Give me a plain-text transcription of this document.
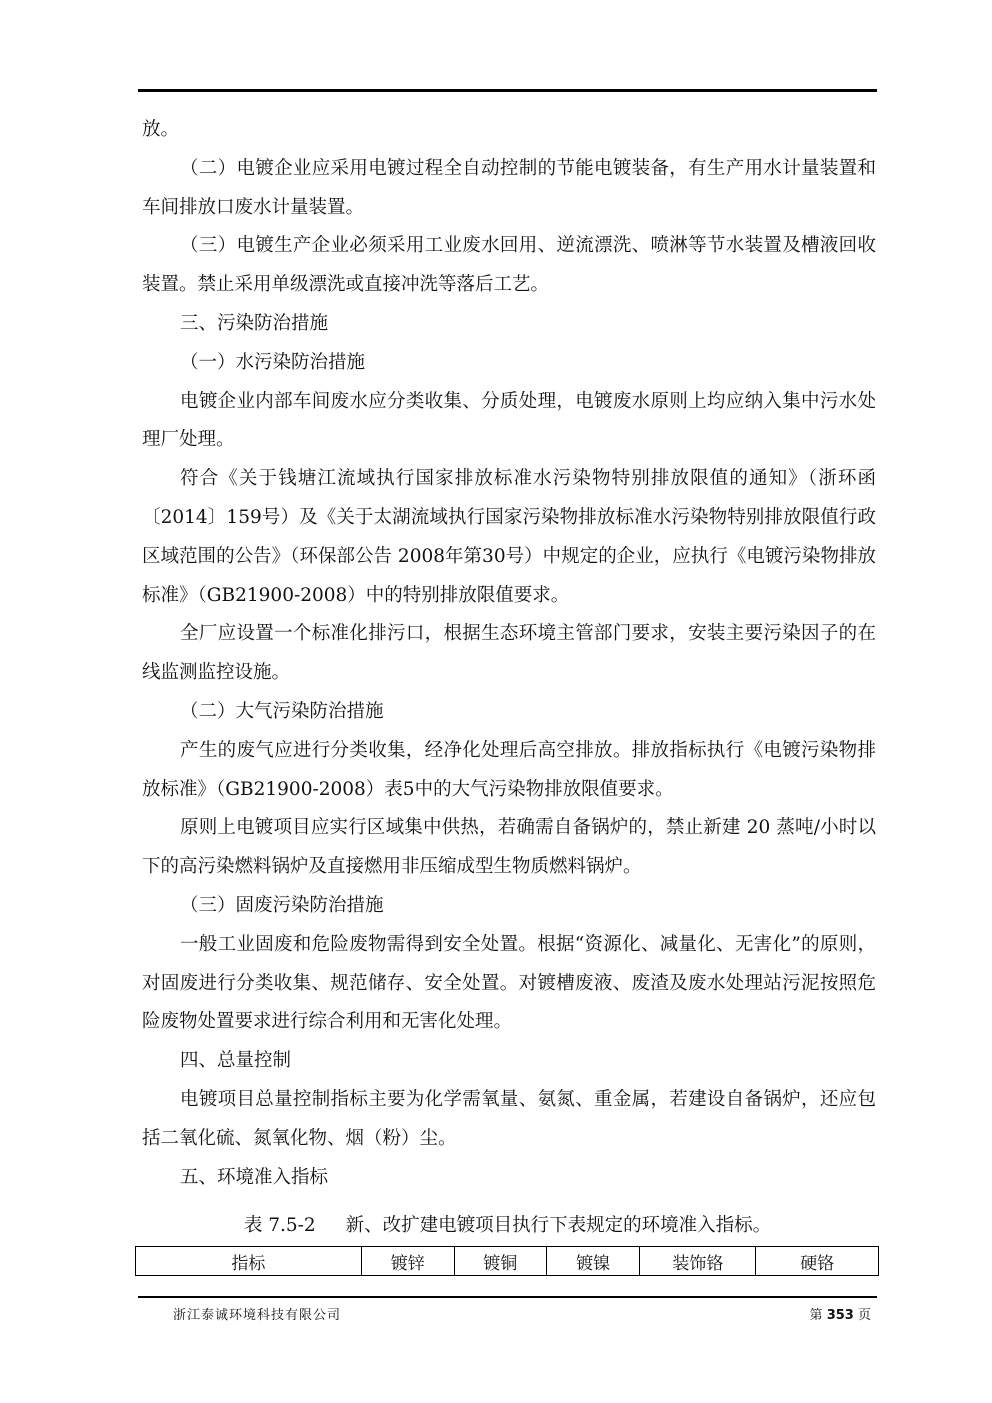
放。

（二）电镀企业应采用电镀过程全自动控制的节能电镀装备，有生产用水计量装置和车间排放口废水计量装置。

（三）电镀生产企业必须采用工业废水回用、逆流漂洗、喷淋等节水装置及槽液回收装置。禁止采用单级漂洗或直接冲洗等落后工艺。

三、污染防治措施

（一）水污染防治措施

电镀企业内部车间废水应分类收集、分质处理，电镀废水原则上均应纳入集中污水处理厂处理。

符合《关于钱塘江流域执行国家排放标准水污染物特别排放限值的通知》（浙环函〔2014〕159号）及《关于太湖流域执行国家污染物排放标准水污染物特别排放限值行政区域范围的公告》（环保部公告 2008年第30号）中规定的企业，应执行《电镀污染物排放标准》（GB21900-2008）中的特别排放限值要求。

全厂应设置一个标准化排污口，根据生态环境主管部门要求，安装主要污染因子的在线监测监控设施。

（二）大气污染防治措施

产生的废气应进行分类收集，经净化处理后高空排放。排放指标执行《电镀污染物排放标准》（GB21900-2008）表5中的大气污染物排放限值要求。

原则上电镀项目应实行区域集中供热，若确需自备锅炉的，禁止新建 20 蒸吨/小时以下的高污染燃料锅炉及直接燃用非压缩成型生物质燃料锅炉。

（三）固废污染防治措施

一般工业固废和危险废物需得到安全处置。根据“资源化、减量化、无害化”的原则，对固废进行分类收集、规范储存、安全处置。对镀槽废液、废渣及废水处理站污泥按照危险废物处置要求进行综合利用和无害化处理。

四、总量控制

电镀项目总量控制指标主要为化学需氧量、氨氮、重金属，若建设自备锅炉，还应包括二氧化硫、氮氧化物、烟（粉）尘。

五、环境准入指标

表 7.5-2 新、改扩建电镀项目执行下表规定的环境准入指标。
指标	镀锌	镀铜	镀镍	装饰铬	硬铬
浙江泰诚环境科技有限公司	第 353 页
